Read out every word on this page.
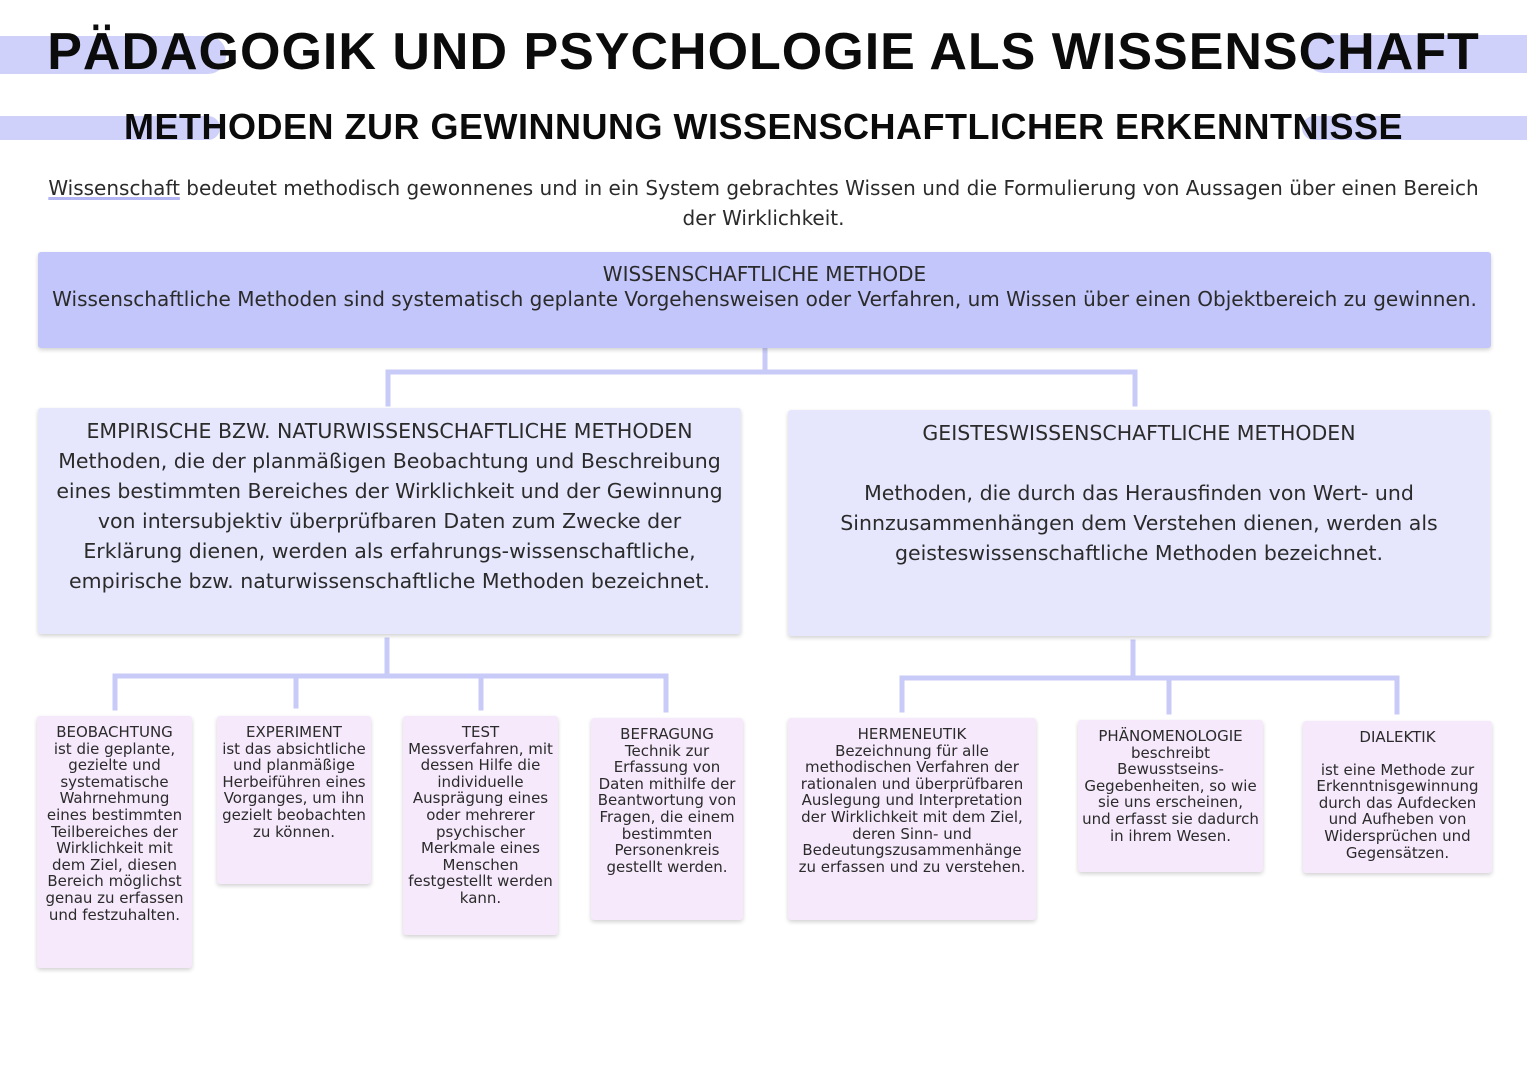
PÄDAGOGIK UND PSYCHOLOGIE ALS WISSENSCHAFT
METHODEN ZUR GEWINNUNG WISSENSCHAFTLICHER ERKENNTNISSE
Wissenschaft bedeutet methodisch gewonnenes und in ein System gebrachtes Wissen und die Formulierung von Aussagen über einen Bereich der Wirklichkeit.
WISSENSCHAFTLICHE METHODE
Wissenschaftliche Methoden sind systematisch geplante Vorgehensweisen oder Verfahren, um Wissen über einen Objektbereich zu gewinnen.
EMPIRISCHE BZW. NATURWISSENSCHAFTLICHE METHODEN
Methoden, die der planmäßigen Beobachtung und Beschreibung eines bestimmten Bereiches der Wirklichkeit und der Gewinnung von intersubjektiv überprüfbaren Daten zum Zwecke der Erklärung dienen, werden als erfahrungs-wissenschaftliche, empirische bzw. naturwissenschaftliche Methoden bezeichnet.
GEISTESWISSENSCHAFTLICHE METHODEN
Methoden, die durch das Herausfinden von Wert- und Sinnzusammenhängen dem Verstehen dienen, werden als geisteswissenschaftliche Methoden bezeichnet.
BEOBACHTUNG
ist die geplante, gezielte und systematische Wahrnehmung eines bestimmten Teilbereiches der Wirklichkeit mit dem Ziel, diesen Bereich möglichst genau zu erfassen und festzuhalten.
EXPERIMENT
ist das absichtliche und planmäßige Herbeiführen eines Vorganges, um ihn gezielt beobachten zu können.
TEST
Messverfahren, mit dessen Hilfe die individuelle Ausprägung eines oder mehrerer psychischer Merkmale eines Menschen festgestellt werden kann.
BEFRAGUNG
Technik zur Erfassung von Daten mithilfe der Beantwortung von Fragen, die einem bestimmten Personenkreis gestellt werden.
HERMENEUTIK
Bezeichnung für alle methodischen Verfahren der rationalen und überprüfbaren Auslegung und Interpretation der Wirklichkeit mit dem Ziel, deren Sinn- und Bedeutungszusammenhänge zu erfassen und zu verstehen.
PHÄNOMENOLOGIE
beschreibt Bewusstseins-Gegebenheiten, so wie sie uns erscheinen, und erfasst sie dadurch in ihrem Wesen.
DIALEKTIK
ist eine Methode zur Erkenntnisgewinnung durch das Aufdecken und Aufheben von Widersprüchen und Gegensätzen.
